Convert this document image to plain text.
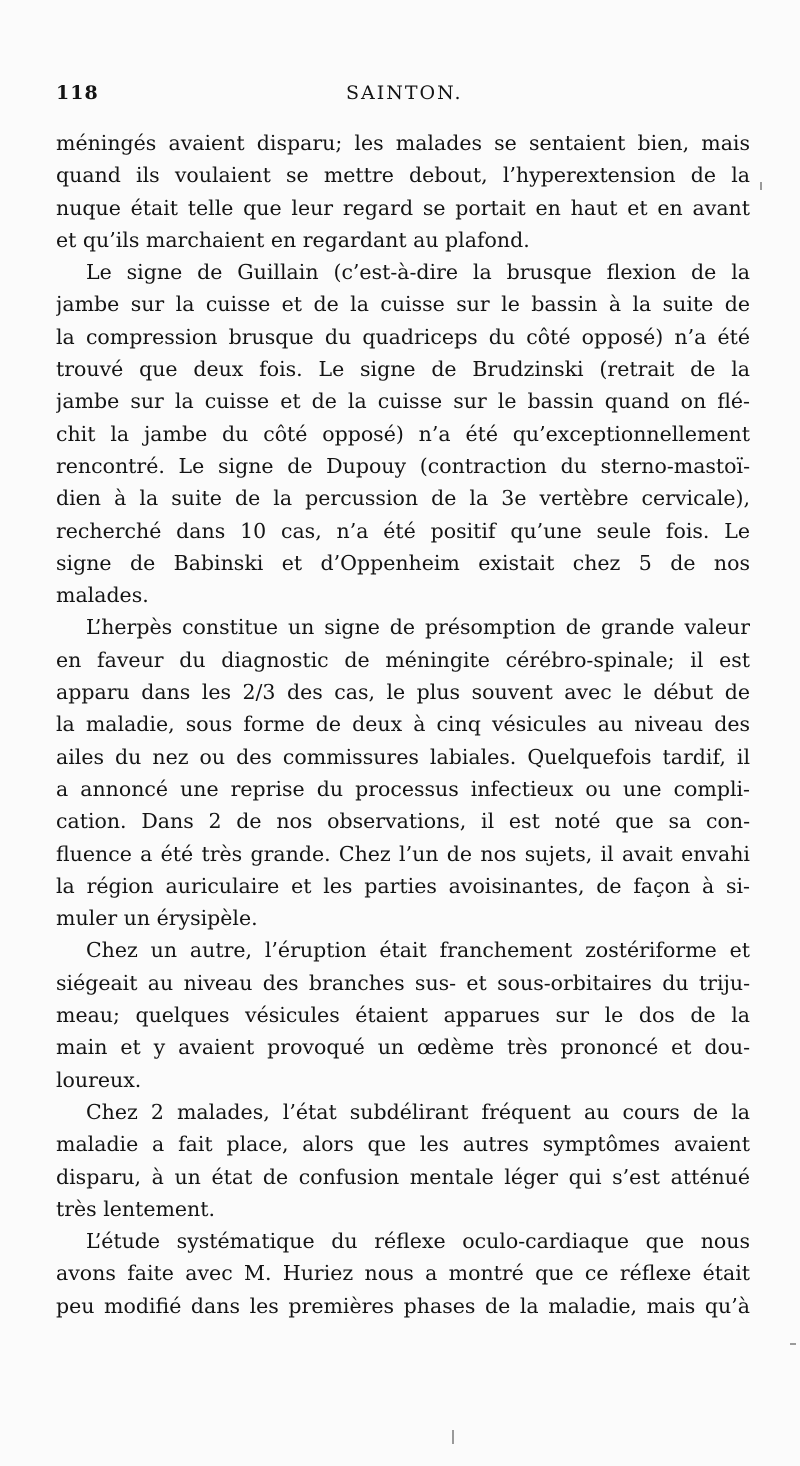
118	SAINTON.
méningés avaient disparu; les malades se sentaient bien, mais
quand ils voulaient se mettre debout, l’hyperextension de la
nuque était telle que leur regard se portait en haut et en avant
et qu’ils marchaient en regardant au plafond.
Le signe de Guillain (c’est-à-dire la brusque flexion de la
jambe sur la cuisse et de la cuisse sur le bassin à la suite de
la compression brusque du quadriceps du côté opposé) n’a été
trouvé que deux fois. Le signe de Brudzinski (retrait de la
jambe sur la cuisse et de la cuisse sur le bassin quand on flé-
chit la jambe du côté opposé) n’a été qu’exceptionnellement
rencontré. Le signe de Dupouy (contraction du sterno-mastoï-
dien à la suite de la percussion de la 3e vertèbre cervicale),
recherché dans 10 cas, n’a été positif qu’une seule fois. Le
signe de Babinski et d’Oppenheim existait chez 5 de nos
malades.
L’herpès constitue un signe de présomption de grande valeur
en faveur du diagnostic de méningite cérébro-spinale; il est
apparu dans les 2/3 des cas, le plus souvent avec le début de
la maladie, sous forme de deux à cinq vésicules au niveau des
ailes du nez ou des commissures labiales. Quelquefois tardif, il
a annoncé une reprise du processus infectieux ou une compli-
cation. Dans 2 de nos observations, il est noté que sa con-
fluence a été très grande. Chez l’un de nos sujets, il avait envahi
la région auriculaire et les parties avoisinantes, de façon à si-
muler un érysipèle.
Chez un autre, l’éruption était franchement zostériforme et
siégeait au niveau des branches sus- et sous-orbitaires du triju-
meau; quelques vésicules étaient apparues sur le dos de la
main et y avaient provoqué un œdème très prononcé et dou-
loureux.
Chez 2 malades, l’état subdélirant fréquent au cours de la
maladie a fait place, alors que les autres symptômes avaient
disparu, à un état de confusion mentale léger qui s’est atténué
très lentement.
L’étude systématique du réflexe oculo-cardiaque que nous
avons faite avec M. Huriez nous a montré que ce réflexe était
peu modifié dans les premières phases de la maladie, mais qu’à
